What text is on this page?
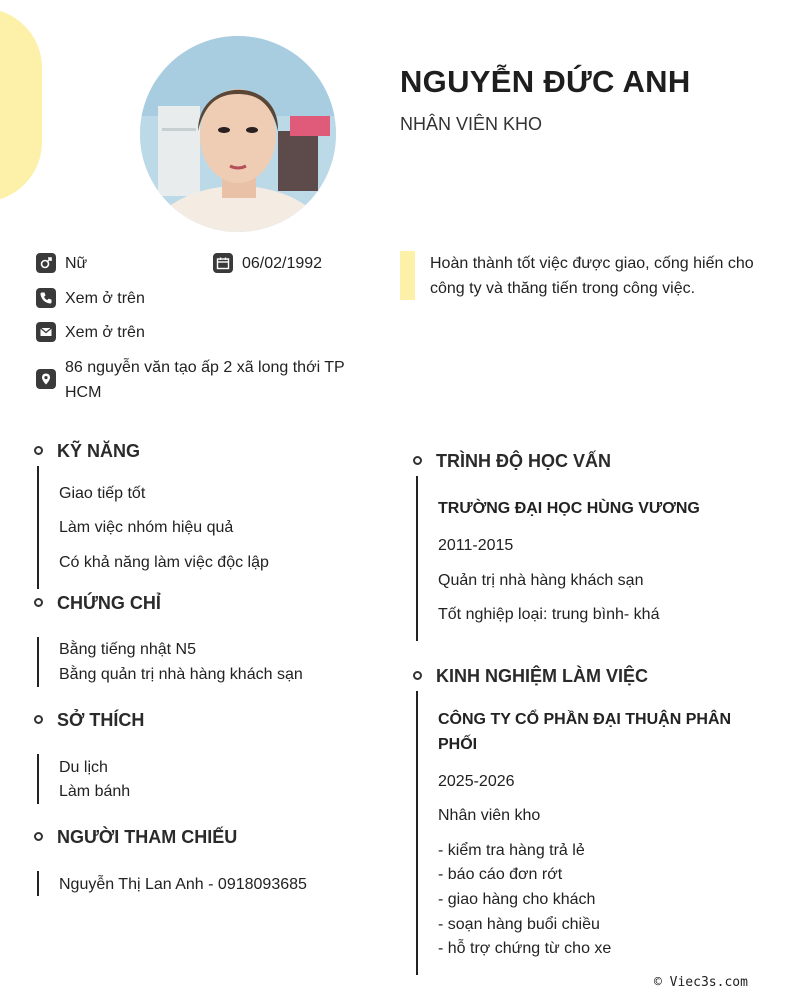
NGUYỄN ĐỨC ANH

NHÂN VIÊN KHO

Nữ	06/02/1992
Xem ở trên
Xem ở trên
86 nguyễn văn tạo ấp 2 xã long thới TP HCM

Hoàn thành tốt việc được giao, cống hiến cho công ty và thăng tiến trong công việc.

KỸ NĂNG

Giao tiếp tốt

Làm việc nhóm hiệu quả

Có khả năng làm việc độc lập

CHỨNG CHỈ

Bằng tiếng nhật N5

Bằng quản trị nhà hàng khách sạn

SỞ THÍCH

Du lịch

Làm bánh

NGƯỜI THAM CHIẾU

Nguyễn Thị Lan Anh - 0918093685

TRÌNH ĐỘ HỌC VẤN

TRƯỜNG ĐẠI HỌC HÙNG VƯƠNG

2011-2015

Quản trị nhà hàng khách sạn

Tốt nghiệp loại: trung bình- khá

KINH NGHIỆM LÀM VIỆC

CÔNG TY CỔ PHẦN ĐẠI THUẬN PHÂN PHỐI

2025-2026

Nhân viên kho

- kiểm tra hàng trả lẻ

- báo cáo đơn rớt

- giao hàng cho khách

- soạn hàng buổi chiều

- hỗ trợ chứng từ cho xe

© Viec3s.com
